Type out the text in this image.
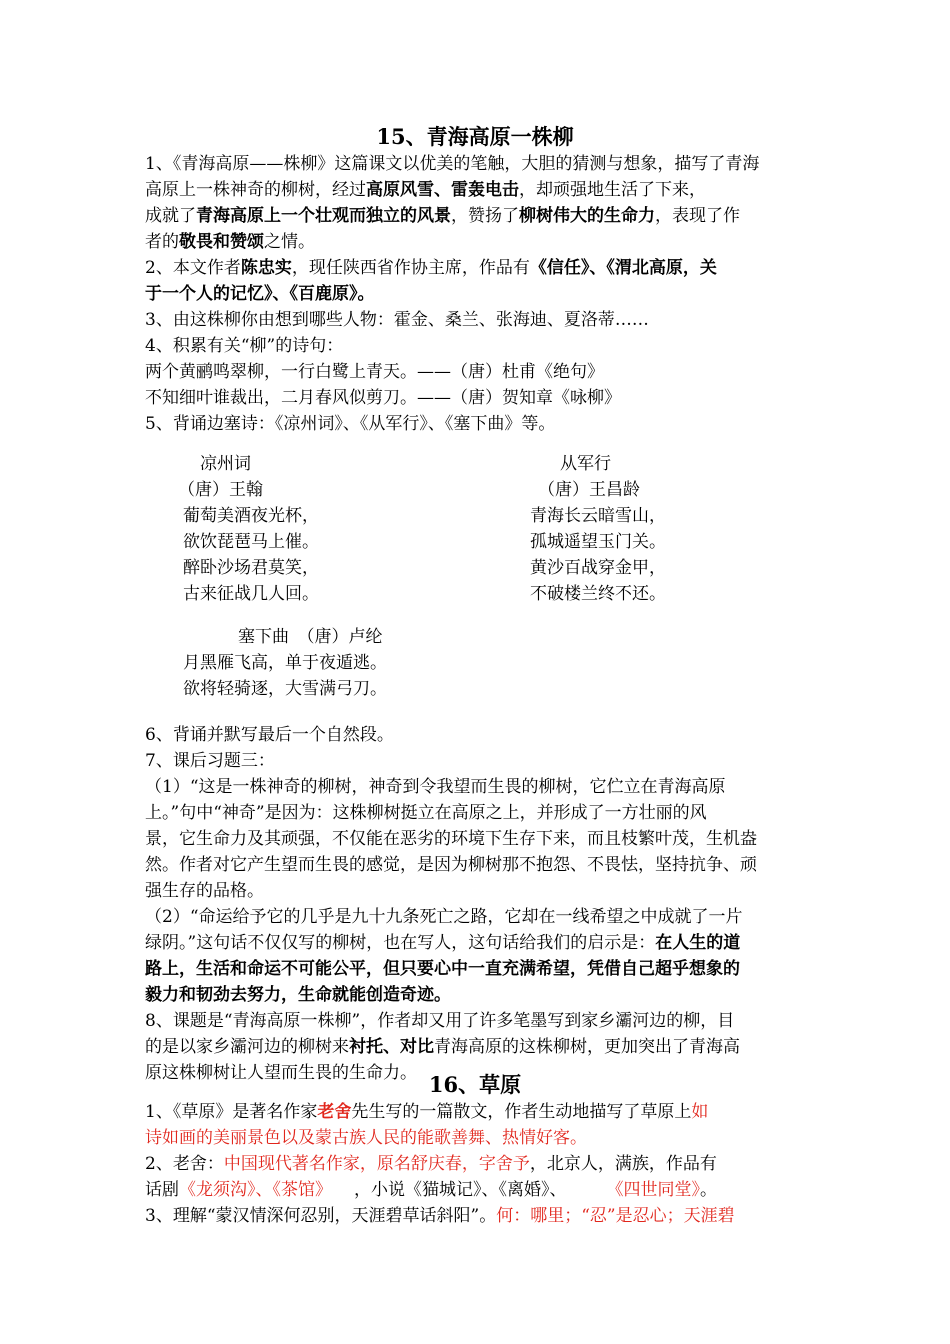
15、青海高原一株柳
1、《青海高原——株柳》这篇课文以优美的笔触，大胆的猜测与想象，描写了青海
高原上一株神奇的柳树，经过高原风雪、雷轰电击，却顽强地生活了下来，
成就了青海高原上一个壮观而独立的风景，赞扬了柳树伟大的生命力，表现了作
者的敬畏和赞颂之情。
2、本文作者陈忠实，现任陕西省作协主席，作品有《信任》、《渭北高原，关
于一个人的记忆》、《百鹿原》。
3、由这株柳你由想到哪些人物：霍金、桑兰、张海迪、夏洛蒂……
4、积累有关“柳”的诗句：
两个黄鹂鸣翠柳，一行白鹭上青天。——（唐）杜甫《绝句》
不知细叶谁裁出，二月春风似剪刀。——（唐）贺知章《咏柳》
5、背诵边塞诗：《凉州词》、《从军行》、《塞下曲》等。
凉州词
（唐）王翰
葡萄美酒夜光杯，
欲饮琵琶马上催。
醉卧沙场君莫笑，
古来征战几人回。
从军行
（唐）王昌龄
青海长云暗雪山，
孤城遥望玉门关。
黄沙百战穿金甲，
不破楼兰终不还。
塞下曲　（唐）卢纶
月黑雁飞高，单于夜遁逃。
欲将轻骑逐，大雪满弓刀。
6、背诵并默写最后一个自然段。
7、课后习题三：
（1）“这是一株神奇的柳树，神奇到令我望而生畏的柳树，它伫立在青海高原
上。”句中“神奇”是因为：这株柳树挺立在高原之上，并形成了一方壮丽的风
景，它生命力及其顽强，不仅能在恶劣的环境下生存下来，而且枝繁叶茂，生机盎
然。作者对它产生望而生畏的感觉，是因为柳树那不抱怨、不畏怯，坚持抗争、顽
强生存的品格。
（2）“命运给予它的几乎是九十九条死亡之路，它却在一线希望之中成就了一片
绿阴。”这句话不仅仅写的柳树，也在写人，这句话给我们的启示是：在人生的道
路上，生活和命运不可能公平，但只要心中一直充满希望，凭借自己超乎想象的
毅力和韧劲去努力，生命就能创造奇迹。
8、课题是“青海高原一株柳”，作者却又用了许多笔墨写到家乡灞河边的柳，目
的是以家乡灞河边的柳树来衬托、对比青海高原的这株柳树，更加突出了青海高
原这株柳树让人望而生畏的生命力。 16、草原
1、《草原》是著名作家老舍先生写的一篇散文，作者生动地描写了草原上如
诗如画的美丽景色以及蒙古族人民的能歌善舞、热情好客。
2、老舍：中国现代著名作家，原名舒庆春，字舍予，北京人，满族，作品有
话剧《龙须沟》、《茶馆》 ，小说《猫城记》、《离婚》、 《四世同堂》。
3、理解“蒙汉情深何忍别，天涯碧草话斜阳”。何：哪里；“忍”是忍心；天涯碧
